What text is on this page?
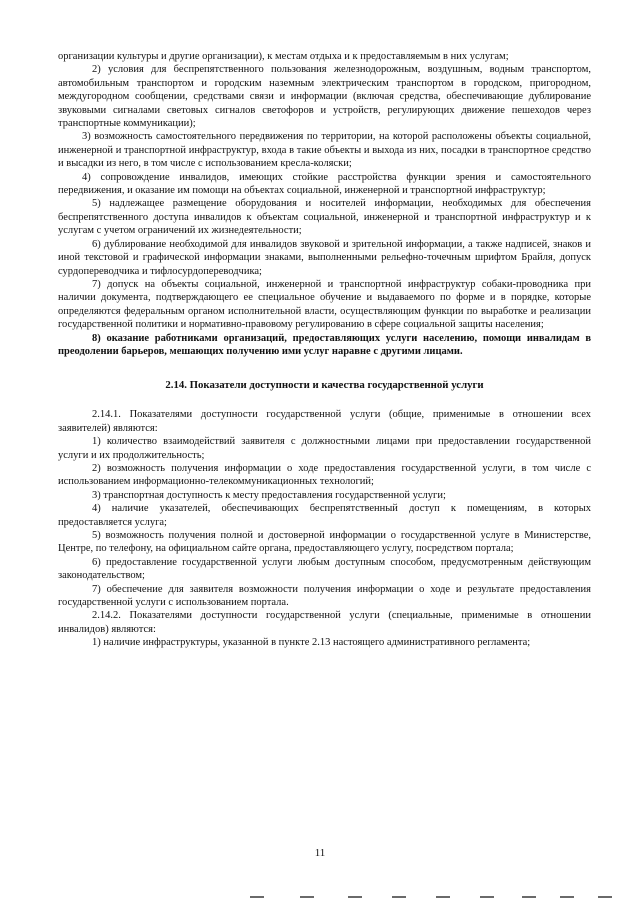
организации культуры и другие организации), к местам отдыха и к предоставляемым в них услугам;

2) условия для беспрепятственного пользования железнодорожным, воздушным, водным транспортом, автомобильным транспортом и городским наземным электрическим транспортом в городском, пригородном, междугородном сообщении, средствами связи и информации (включая средства, обеспечивающие дублирование звуковыми сигналами световых сигналов светофоров и устройств, регулирующих движение пешеходов через транспортные коммуникации);

3) возможность самостоятельного передвижения по территории, на которой расположены объекты социальной, инженерной и транспортной инфраструктур, входа в такие объекты и выхода из них, посадки в транспортное средство и высадки из него, в том числе с использованием кресла-коляски;

4) сопровождение инвалидов, имеющих стойкие расстройства функции зрения и самостоятельного передвижения, и оказание им помощи на объектах социальной, инженерной и транспортной инфраструктур;

5) надлежащее размещение оборудования и носителей информации, необходимых для обеспечения беспрепятственного доступа инвалидов к объектам социальной, инженерной и транспортной инфраструктур и к услугам с учетом ограничений их жизнедеятельности;

6) дублирование необходимой для инвалидов звуковой и зрительной информации, а также надписей, знаков и иной текстовой и графической информации знаками, выполненными рельефно-точечным шрифтом Брайля, допуск сурдопереводчика и тифлосурдопереводчика;

7) допуск на объекты социальной, инженерной и транспортной инфраструктур собаки-проводника при наличии документа, подтверждающего ее специальное обучение и выдаваемого по форме и в порядке, которые определяются федеральным органом исполнительной власти, осуществляющим функции по выработке и реализации государственной политики и нормативно-правовому регулированию в сфере социальной защиты населения;

8) оказание работниками организаций, предоставляющих услуги населению, помощи инвалидам в преодолении барьеров, мешающих получению ими услуг наравне с другими лицами.

2.14. Показатели доступности и качества государственной услуги

2.14.1. Показателями доступности государственной услуги (общие, применимые в отношении всех заявителей) являются:

1) количество взаимодействий заявителя с должностными лицами при предоставлении государственной услуги и их продолжительность;

2) возможность получения информации о ходе предоставления государственной услуги, в том числе с использованием информационно-телекоммуникационных технологий;

3) транспортная доступность к месту предоставления государственной услуги;

4) наличие указателей, обеспечивающих беспрепятственный доступ к помещениям, в которых предоставляется услуга;

5) возможность получения полной и достоверной информации о государственной услуге в Министерстве, Центре, по телефону, на официальном сайте органа, предоставляющего услугу, посредством портала;

6) предоставление государственной услуги любым доступным способом, предусмотренным действующим законодательством;

7) обеспечение для заявителя возможности получения информации о ходе и результате предоставления государственной услуги с использованием портала.

2.14.2. Показателями доступности государственной услуги (специальные, применимые в отношении инвалидов) являются:

1) наличие инфраструктуры, указанной в пункте 2.13 настоящего административного регламента;

11
